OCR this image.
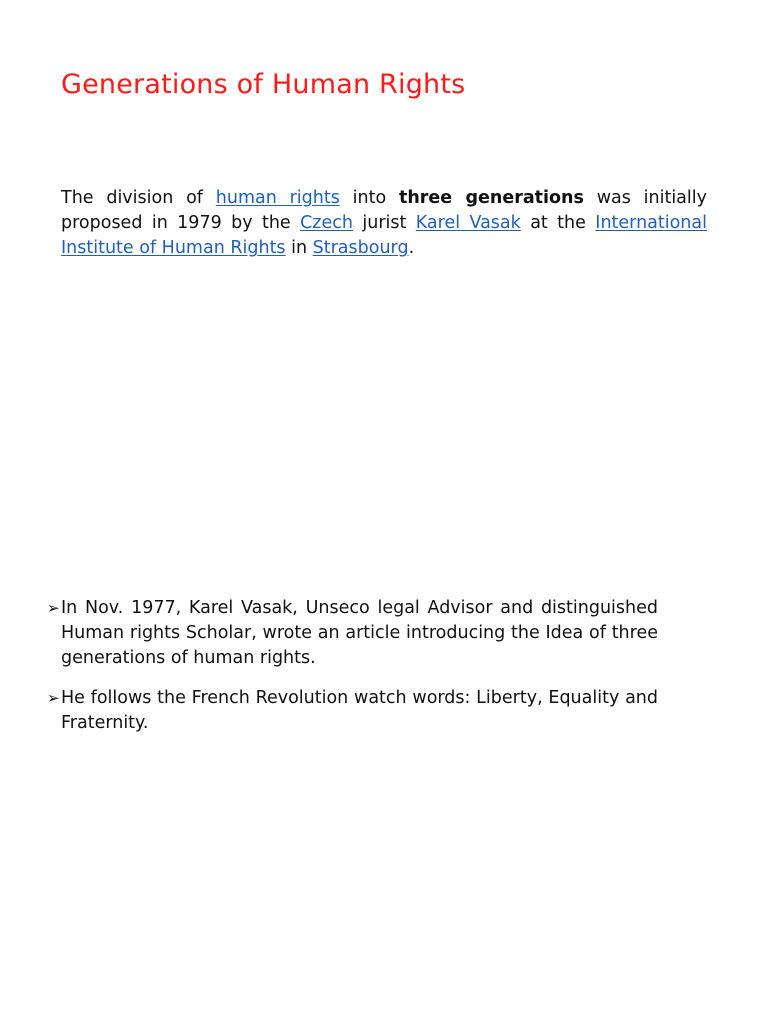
Generations of Human Rights

The division of human rights into three generations was initially proposed in 1979 by the Czech jurist Karel Vasak at the International Institute of Human Rights in Strasbourg.

➢ In Nov. 1977, Karel Vasak, Unseco legal Advisor and distinguished Human rights Scholar, wrote an article introducing the Idea of three generations of human rights.
➢ He follows the French Revolution watch words: Liberty, Equality and Fraternity.
